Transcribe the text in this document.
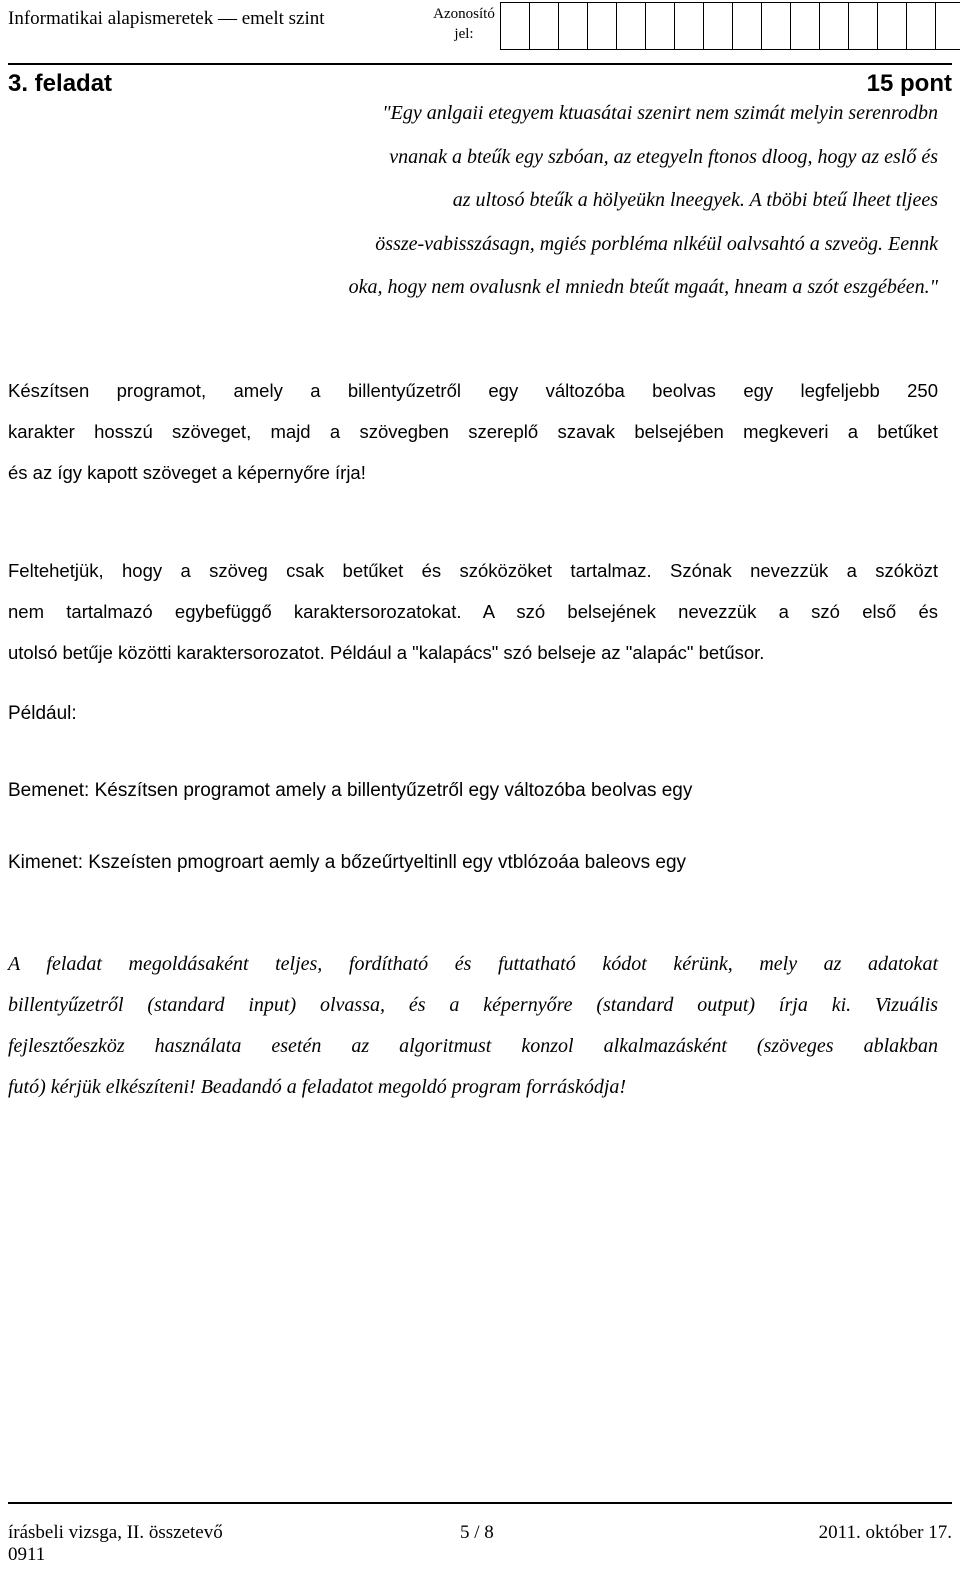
Informatikai alapismeretek — emelt szint	Azonosító
jel:
3. feladat	15 pont
"Egy anlgaii etegyem ktuasátai szenirt nem szimát melyin serenrodbn
vnanak a bteűk egy szbóan, az etegyeln ftonos dloog, hogy az eslő és
az ultosó bteűk a hölyeükn lneegyek. A tböbi bteű lheet tljees
össze-vabisszásagn, mgiés porbléma nlkéül oalvsahtó a szveög. Eennk
oka, hogy nem ovalusnk el mniedn bteűt mgaát, hneam a szót eszgébéen."
Készítsen programot, amely a billentyűzetről egy változóba beolvas egy legfeljebb 250
karakter hosszú szöveget, majd a szövegben szereplő szavak belsejében megkeveri a betűket
és az így kapott szöveget a képernyőre írja!
Feltehetjük, hogy a szöveg csak betűket és szóközöket tartalmaz. Szónak nevezzük a szóközt
nem tartalmazó egybefüggő karaktersorozatokat. A szó belsejének nevezzük a szó első és
utolsó betűje közötti karaktersorozatot. Például a "kalapács" szó belseje az "alapác" betűsor.
Például:
Bemenet: Készítsen programot amely a billentyűzetről egy változóba beolvas egy
Kimenet: Kszeísten pmogroart aemly a bőzeűrtyeltinll egy vtblózoáa baleovs egy
A feladat megoldásaként teljes, fordítható és futtatható kódot kérünk, mely az adatokat
billentyűzetről (standard input) olvassa, és a képernyőre (standard output) írja ki. Vizuális
fejlesztőeszköz használata esetén az algoritmust konzol alkalmazásként (szöveges ablakban
futó) kérjük elkészíteni! Beadandó a feladatot megoldó program forráskódja!
írásbeli vizsga, II. összetevő
0911
5 / 8	2011. október 17.
